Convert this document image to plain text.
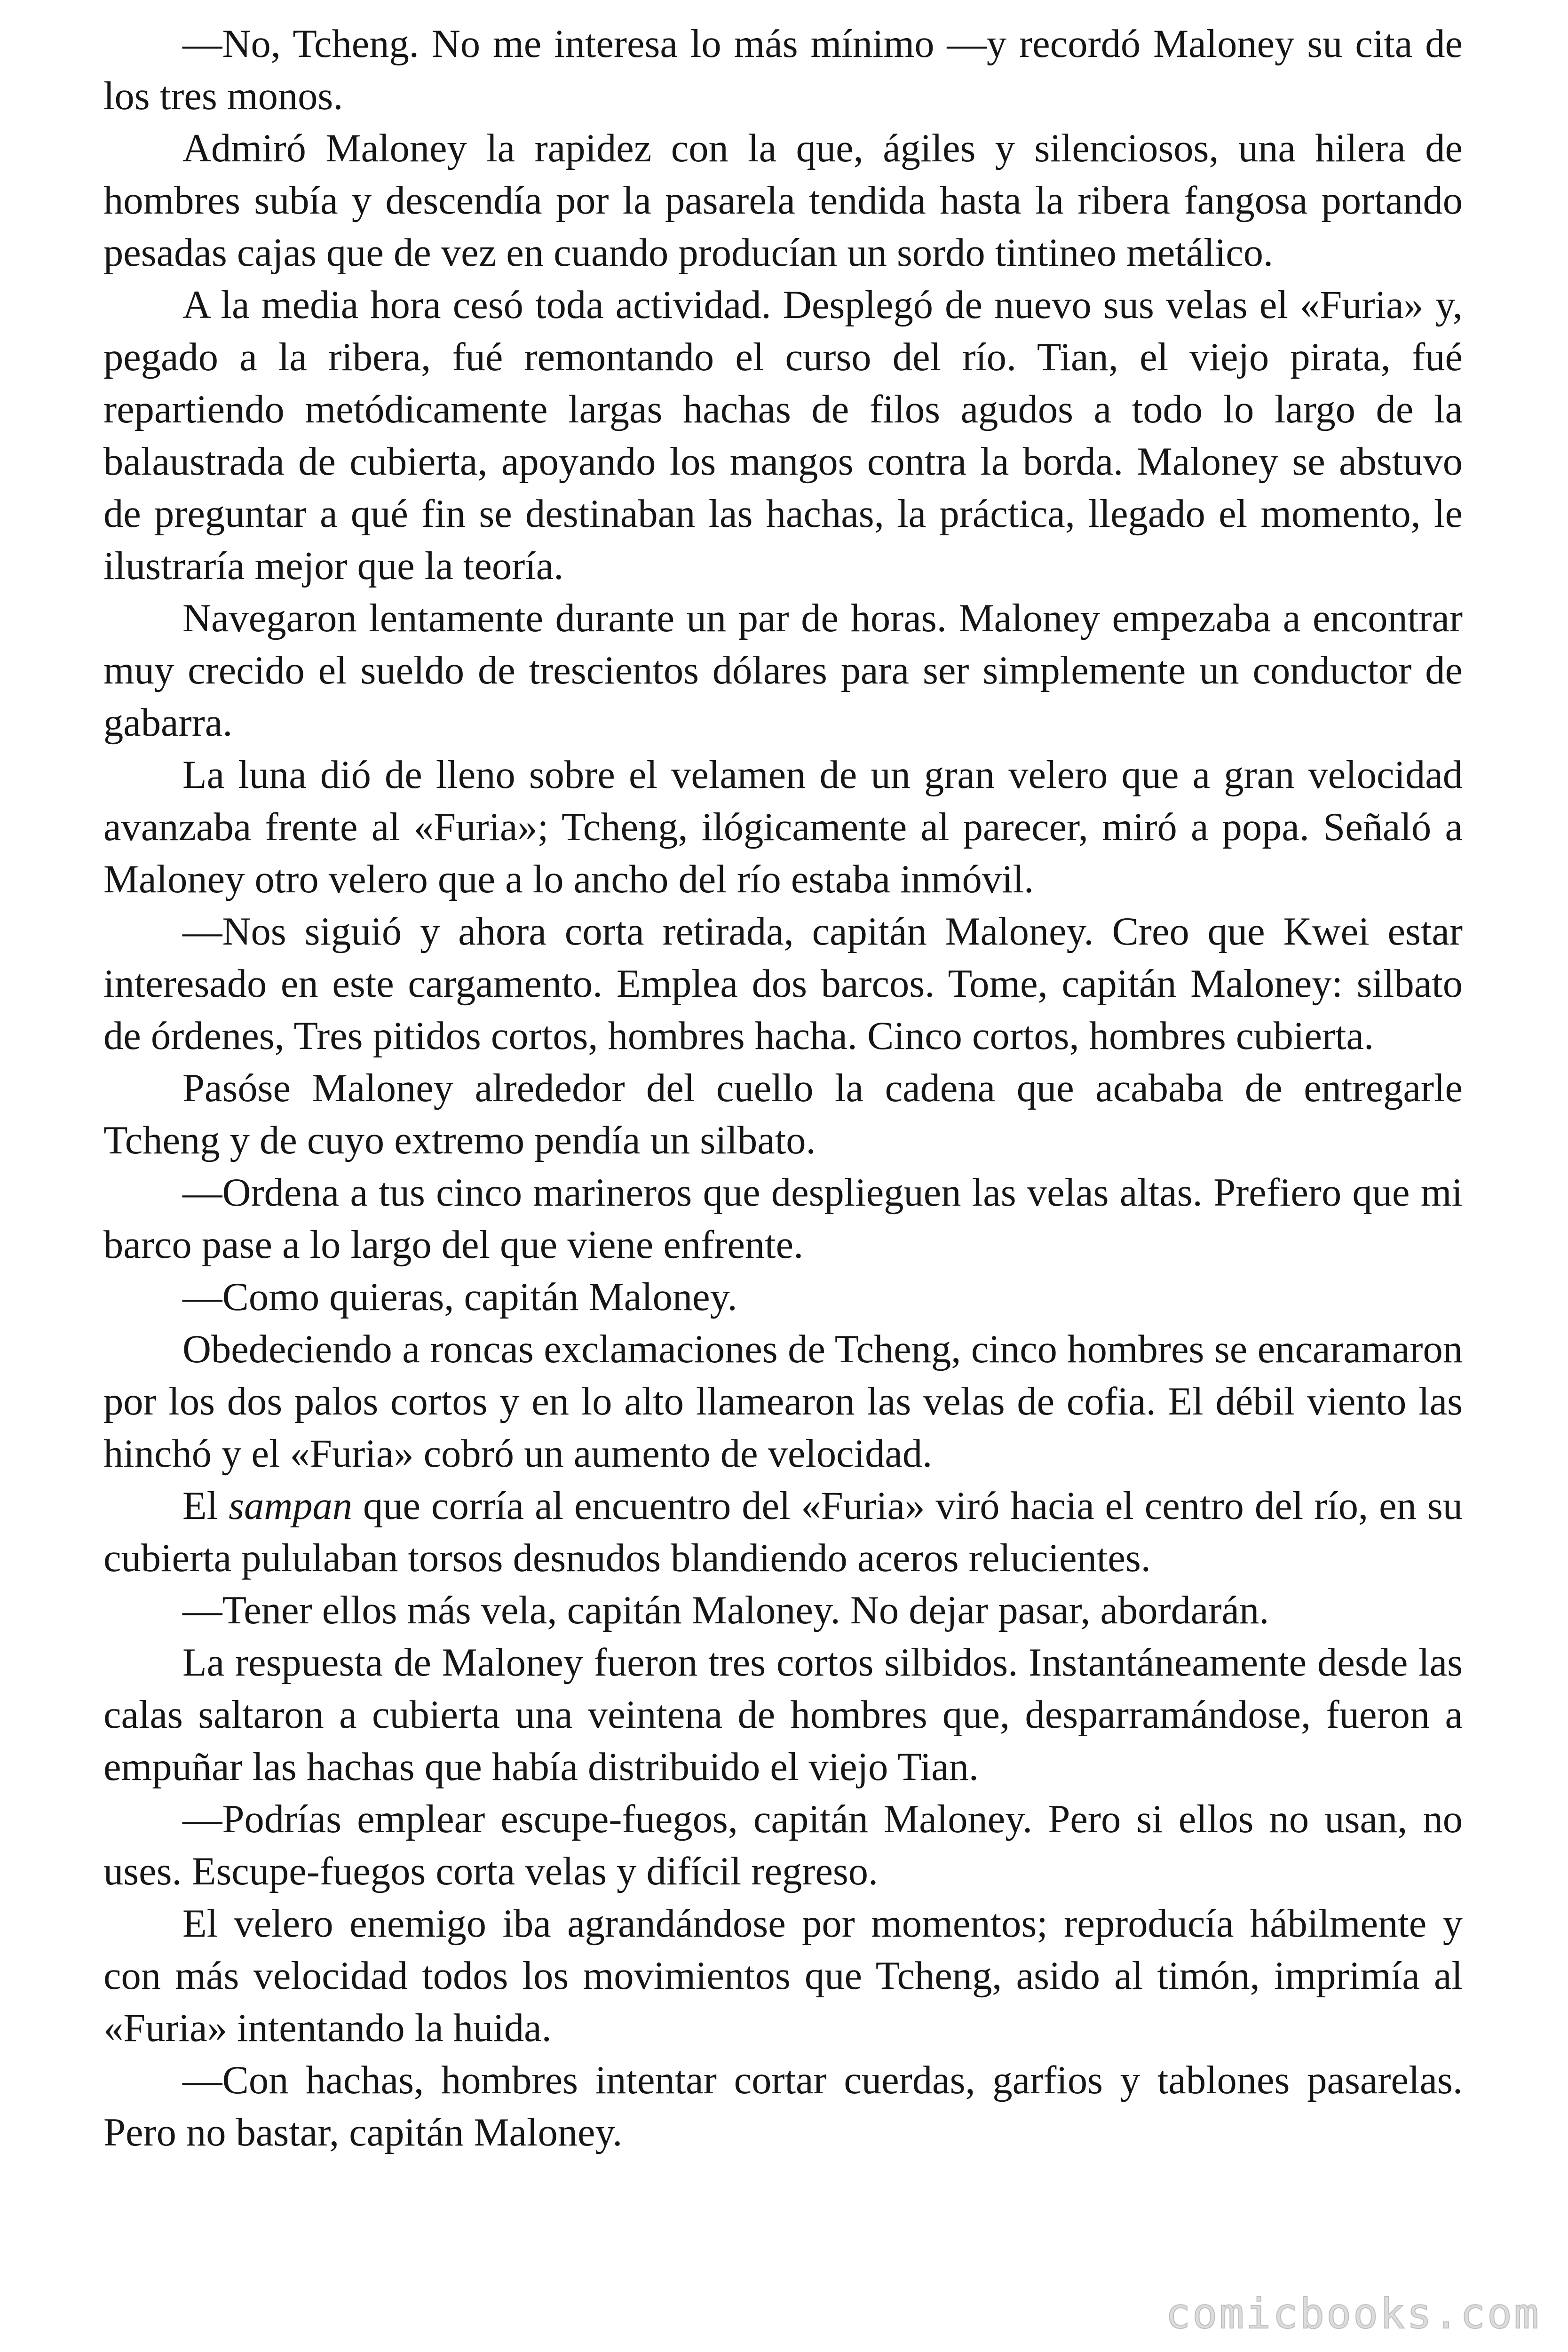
—No, Tcheng. No me interesa lo más mínimo —y recordó Maloney su cita de los tres monos.

Admiró Maloney la rapidez con la que, ágiles y silenciosos, una hilera de hombres subía y descendía por la pasarela tendida hasta la ribera fangosa portando pesadas cajas que de vez en cuando producían un sordo tintineo metálico.

A la media hora cesó toda actividad. Desplegó de nuevo sus velas el «Furia» y, pegado a la ribera, fué remontando el curso del río. Tian, el viejo pirata, fué repartiendo metódicamente largas hachas de filos agudos a todo lo largo de la balaustrada de cubierta, apoyando los mangos contra la borda. Maloney se abstuvo de preguntar a qué fin se destinaban las hachas, la práctica, llegado el momento, le ilustraría mejor que la teoría.

Navegaron lentamente durante un par de horas. Maloney empezaba a encontrar muy crecido el sueldo de trescientos dólares para ser simplemente un conductor de gabarra.

La luna dió de lleno sobre el velamen de un gran velero que a gran velocidad avanzaba frente al «Furia»; Tcheng, ilógicamente al parecer, miró a popa. Señaló a Maloney otro velero que a lo ancho del río estaba inmóvil.

—Nos siguió y ahora corta retirada, capitán Maloney. Creo que Kwei estar interesado en este cargamento. Emplea dos barcos. Tome, capitán Maloney: silbato de órdenes, Tres pitidos cortos, hombres hacha. Cinco cortos, hombres cubierta.

Pasóse Maloney alrededor del cuello la cadena que acababa de entregarle Tcheng y de cuyo extremo pendía un silbato.

—Ordena a tus cinco marineros que desplieguen las velas altas. Prefiero que mi barco pase a lo largo del que viene enfrente.

—Como quieras, capitán Maloney.

Obedeciendo a roncas exclamaciones de Tcheng, cinco hombres se encaramaron por los dos palos cortos y en lo alto llamearon las velas de cofia. El débil viento las hinchó y el «Furia» cobró un aumento de velocidad.

El sampan que corría al encuentro del «Furia» viró hacia el centro del río, en su cubierta pululaban torsos desnudos blandiendo aceros relucientes.

—Tener ellos más vela, capitán Maloney. No dejar pasar, abordarán.

La respuesta de Maloney fueron tres cortos silbidos. Instantáneamente desde las calas saltaron a cubierta una veintena de hombres que, desparramándose, fueron a empuñar las hachas que había distribuido el viejo Tian.

—Podrías emplear escupe-fuegos, capitán Maloney. Pero si ellos no usan, no uses. Escupe-fuegos corta velas y difícil regreso.

El velero enemigo iba agrandándose por momentos; reproducía hábilmente y con más velocidad todos los movimientos que Tcheng, asido al timón, imprimía al «Furia» intentando la huida.

—Con hachas, hombres intentar cortar cuerdas, garfios y tablones pasarelas. Pero no bastar, capitán Maloney.

comicbooks.com
